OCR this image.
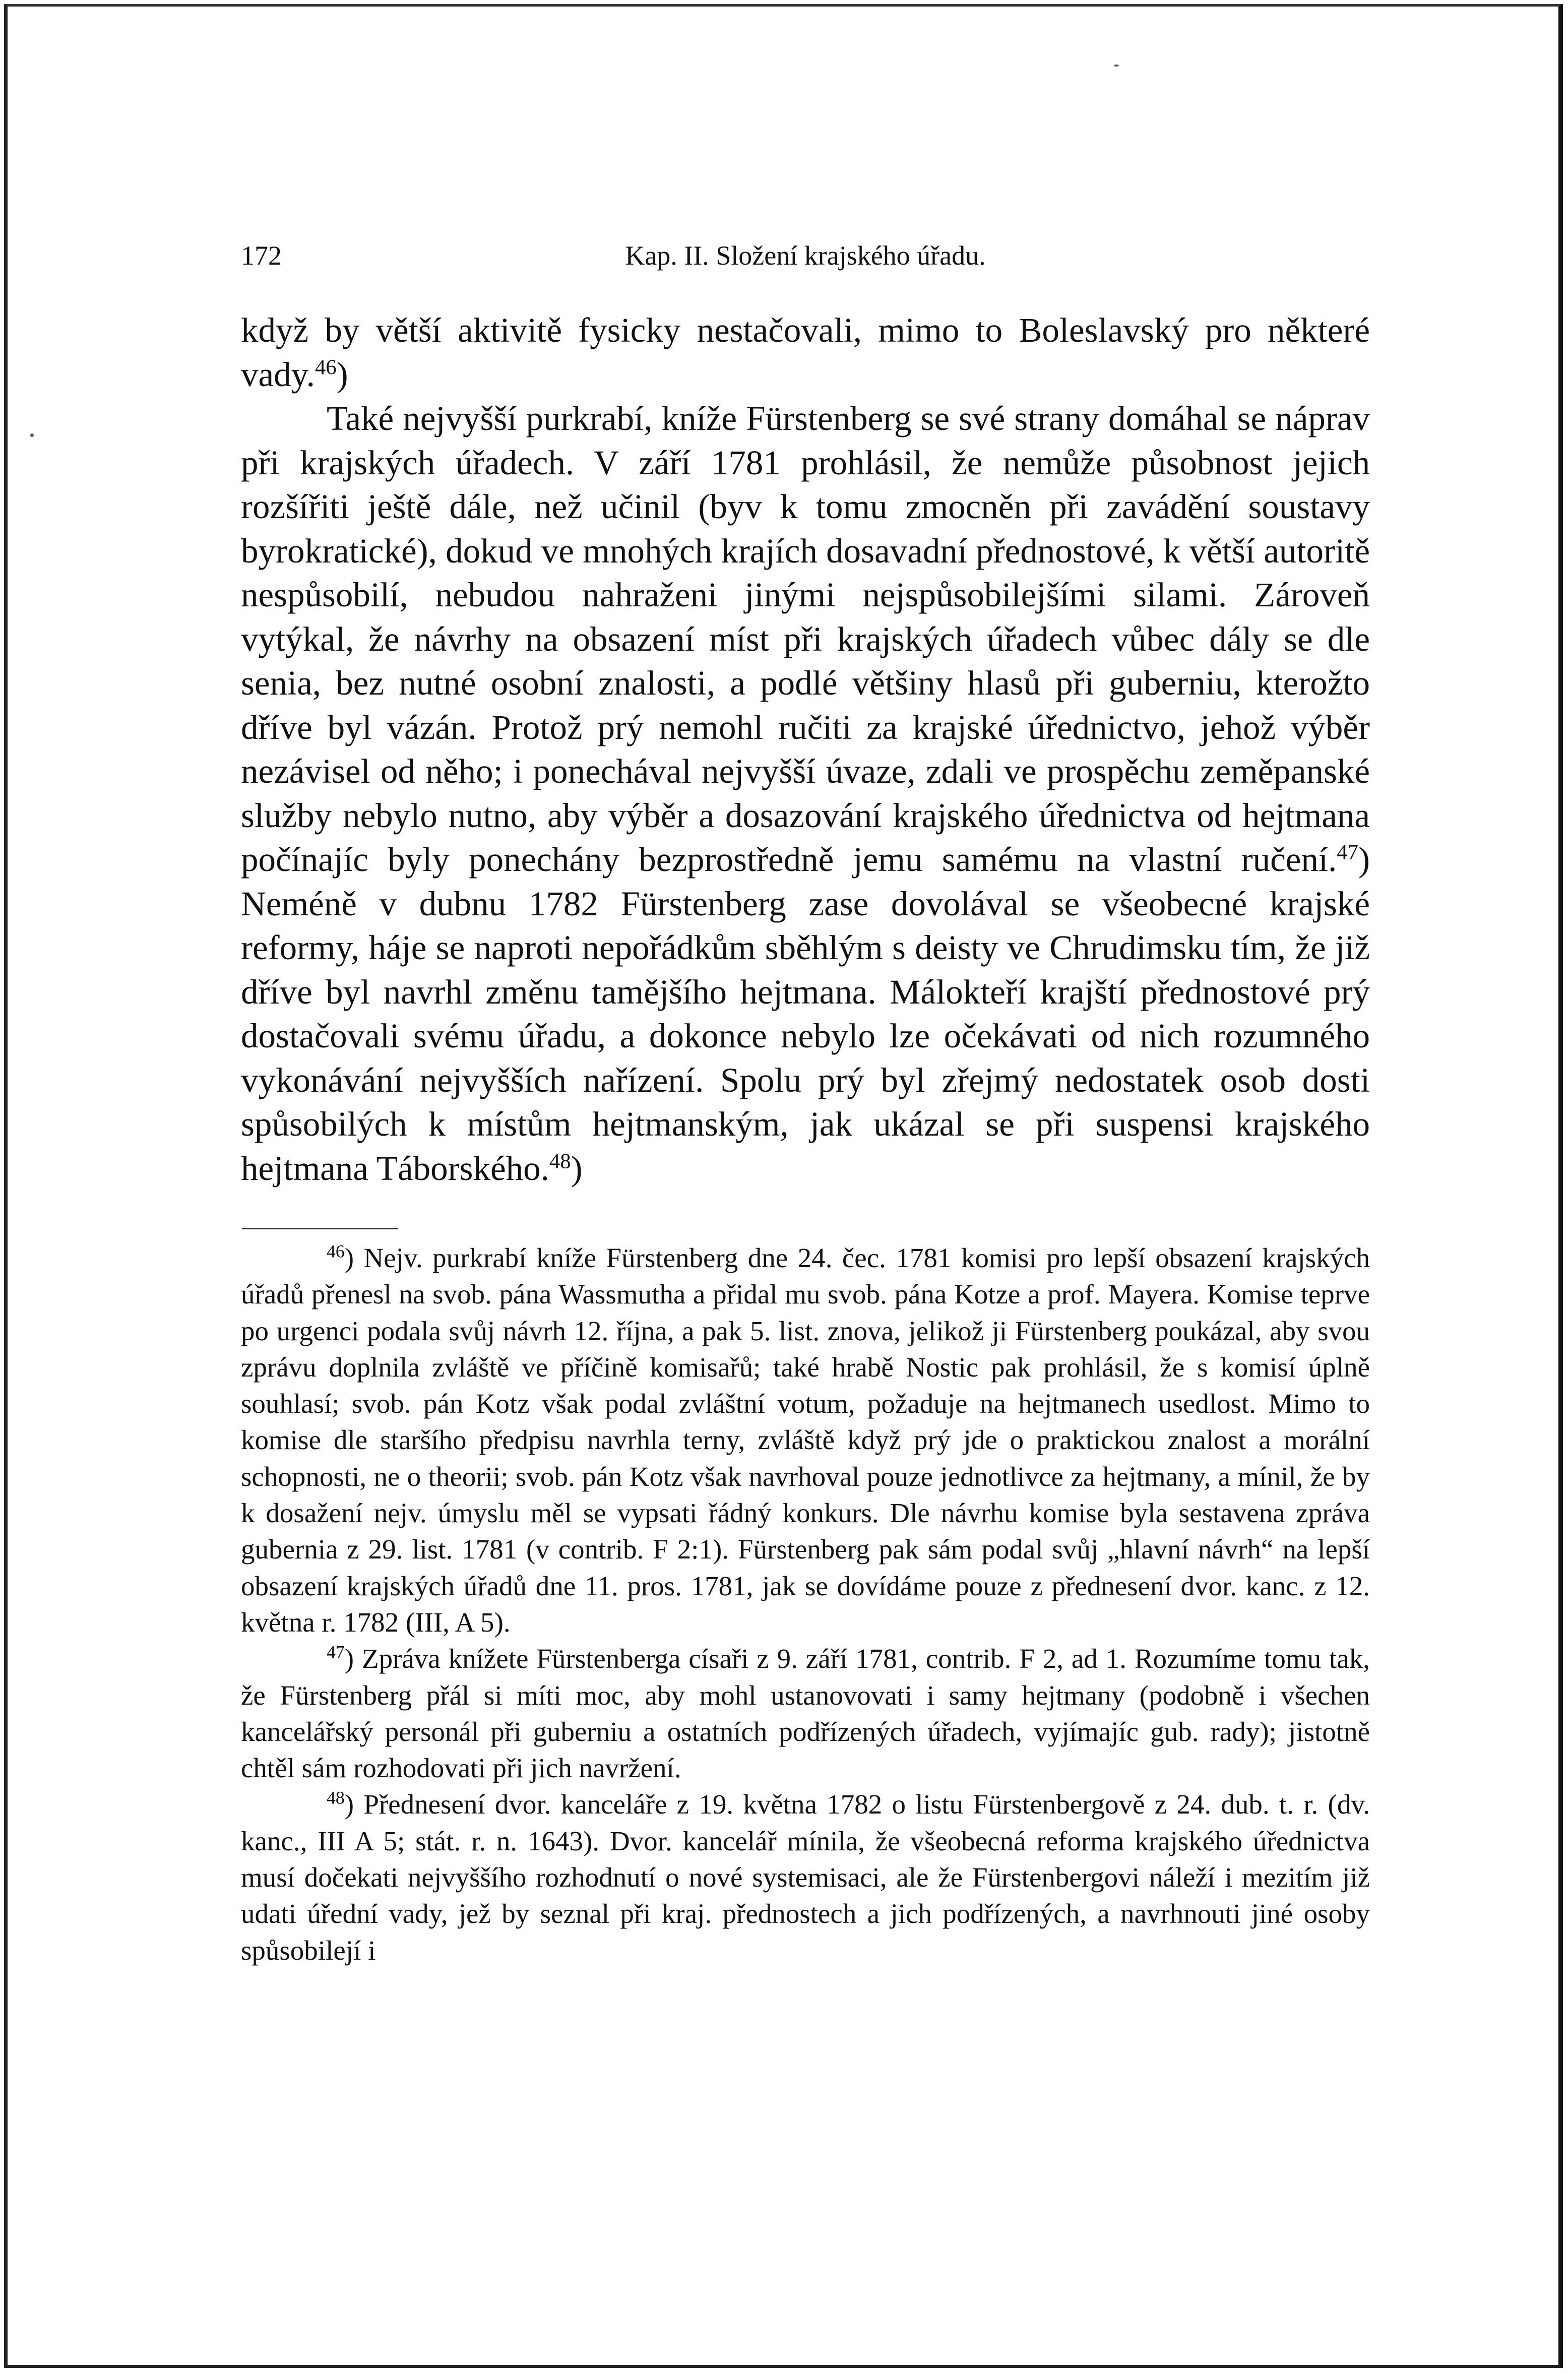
172	Kap. II. Složení krajského úřadu.

když by větší aktivitě fysicky nestačovali, mimo to Boleslavský pro některé vady.$^{46}$)

Také nejvyšší purkrabí, kníže Fürstenberg se své strany domáhal se náprav při krajských úřadech. V září 1781 prohlásil, že nemůže působnost jejich rozšířiti ještě dále, než učinil (byv k tomu zmocněn při zavádění soustavy byrokratické), dokud ve mnohých krajích dosavadní přednostové, k větší autoritě nespůsobilí, nebudou nahraženi jinými nejspůsobilejšími silami. Zároveň vytýkal, že návrhy na obsazení míst při krajských úřadech vůbec dály se dle senia, bez nutné osobní znalosti, a podlé většiny hlasů při guberniu, kterožto dříve byl vázán. Protož prý nemohl ručiti za krajské úřednictvo, jehož výběr nezávisel od něho; i ponechával nejvyšší úvaze, zdali ve prospěchu zeměpanské služby nebylo nutno, aby výběr a dosazování krajského úřednictva od hejtmana počínajíc byly ponechány bezprostředně jemu samému na vlastní ručení.$^{47}$) Neméně v dubnu 1782 Fürstenberg zase dovolával se všeobecné krajské reformy, háje se naproti nepořádkům sběhlým s deisty ve Chrudimsku tím, že již dříve byl navrhl změnu tamějšího hejtmana. Málokteří krajští přednostové prý dostačovali svému úřadu, a dokonce nebylo lze očekávati od nich rozumného vykonávání nejvyšších nařízení. Spolu prý byl zřejmý nedostatek osob dosti spůsobilých k místům hejtmanským, jak ukázal se při suspensi krajského hejtmana Táborského.$^{48}$)

$^{46}$) Nejv. purkrabí kníže Fürstenberg dne 24. čec. 1781 komisi pro lepší obsazení krajských úřadů přenesl na svob. pána Wassmutha a přidal mu svob. pána Kotze a prof. Mayera. Komise teprve po urgenci podala svůj návrh 12. října, a pak 5. list. znova, jelikož ji Fürstenberg poukázal, aby svou zprávu doplnila zvláště ve příčině komisařů; také hrabě Nostic pak prohlásil, že s komisí úplně souhlasí; svob. pán Kotz však podal zvláštní votum, požaduje na hejtmanech usedlost. Mimo to komise dle staršího předpisu navrhla terny, zvláště když prý jde o praktickou znalost a morální schopnosti, ne o theorii; svob. pán Kotz však navrhoval pouze jednotlivce za hejtmany, a mínil, že by k dosažení nejv. úmyslu měl se vypsati řádný konkurs. Dle návrhu komise byla sestavena zpráva gubernia z 29. list. 1781 (v contrib. F 2:1). Fürstenberg pak sám podal svůj „hlavní návrh“ na lepší obsazení krajských úřadů dne 11. pros. 1781, jak se dovídáme pouze z přednesení dvor. kanc. z 12. května r. 1782 (III, A 5).

$^{47}$) Zpráva knížete Fürstenberga císaři z 9. září 1781, contrib. F 2, ad 1. Rozumíme tomu tak, že Fürstenberg přál si míti moc, aby mohl ustanovovati i samy hejtmany (podobně i všechen kancelářský personál při guberniu a ostatních podřízených úřadech, vyjímajíc gub. rady); jistotně chtěl sám rozhodovati při jich navržení.

$^{48}$) Přednesení dvor. kanceláře z 19. května 1782 o listu Fürstenbergově z 24. dub. t. r. (dv. kanc., III A 5; stát. r. n. 1643). Dvor. kancelář mínila, že všeobecná reforma krajského úřednictva musí dočekati nejvyššího rozhodnutí o nové systemisaci, ale že Fürstenbergovi náleží i mezitím již udati úřední vady, jež by seznal při kraj. přednostech a jich podřízených, a navrhnouti jiné osoby spůsobilejí i
